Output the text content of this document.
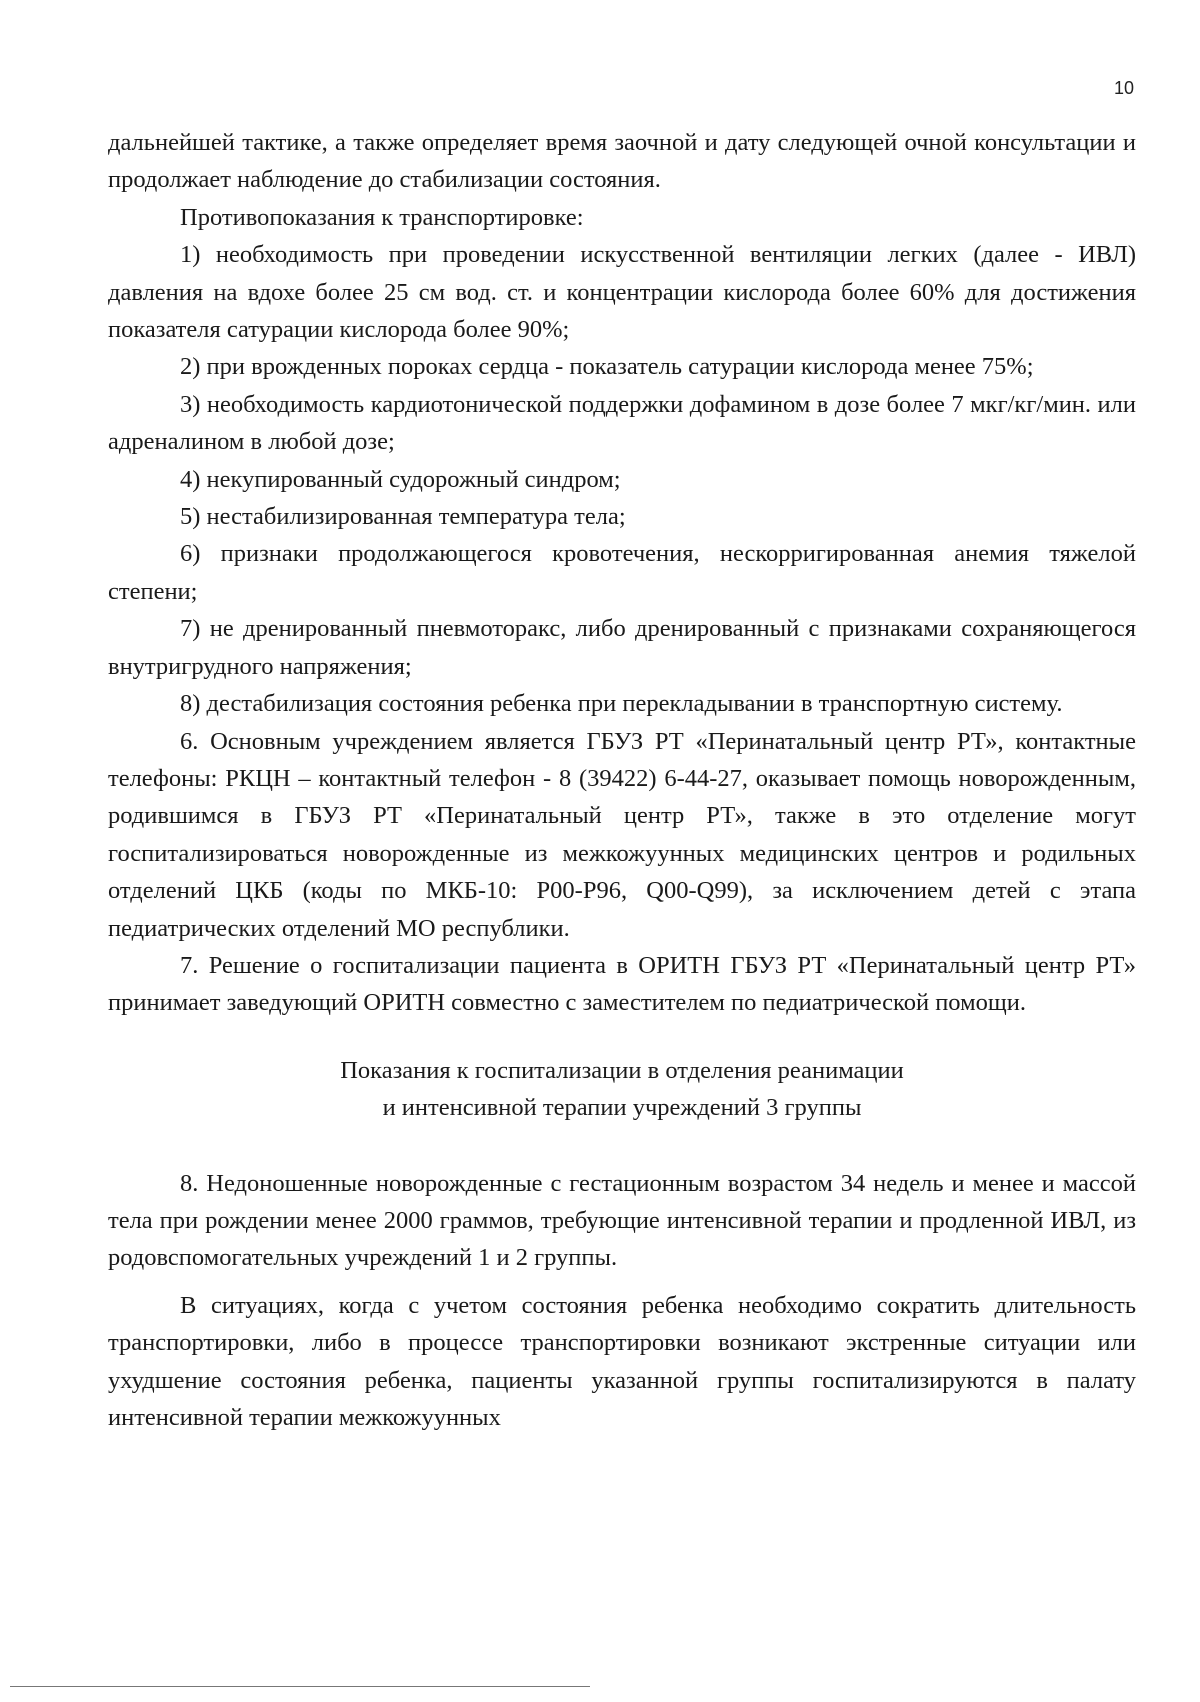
10

дальнейшей тактике, а также определяет время заочной и дату следующей очной консультации и продолжает наблюдение до стабилизации состояния.

Противопоказания к транспортировке:

1) необходимость при проведении искусственной вентиляции легких (далее - ИВЛ) давления на вдохе более 25 см вод. ст. и концентрации кислорода более 60% для достижения показателя сатурации кислорода более 90%;

2) при врожденных пороках сердца - показатель сатурации кислорода менее 75%;

3) необходимость кардиотонической поддержки дофамином в дозе более 7 мкг/кг/мин. или адреналином в любой дозе;

4) некупированный судорожный синдром;

5) нестабилизированная температура тела;

6) признаки продолжающегося кровотечения, нескорригированная анемия тяжелой степени;

7) не дренированный пневмоторакс, либо дренированный с признаками сохраняющегося внутригрудного напряжения;

8) дестабилизация состояния ребенка при перекладывании в транспортную систему.

6. Основным учреждением является ГБУЗ РТ «Перинатальный центр РТ», контактные телефоны: РКЦН – контактный телефон - 8 (39422) 6-44-27, оказывает помощь новорожденным, родившимся в ГБУЗ РТ «Перинатальный центр РТ», также в это отделение могут госпитализироваться новорожденные из межкожуунных медицинских центров и родильных отделений ЦКБ (коды по МКБ-10: Р00-Р96, Q00-Q99), за исключением детей с этапа педиатрических отделений МО республики.

7. Решение о госпитализации пациента в ОРИТН ГБУЗ РТ «Перинатальный центр РТ» принимает заведующий ОРИТН совместно с заместителем по педиатрической помощи.

Показания к госпитализации в отделения реанимации
и интенсивной терапии учреждений 3 группы

8. Недоношенные новорожденные с гестационным возрастом 34 недель и менее и массой тела при рождении менее 2000 граммов, требующие интенсивной терапии и продленной ИВЛ, из родовспомогательных учреждений 1 и 2 группы.

В ситуациях, когда с учетом состояния ребенка необходимо сократить длительность транспортировки, либо в процессе транспортировки возникают экстренные ситуации или ухудшение состояния ребенка, пациенты указанной группы госпитализируются в палату интенсивной терапии межкожуунных
